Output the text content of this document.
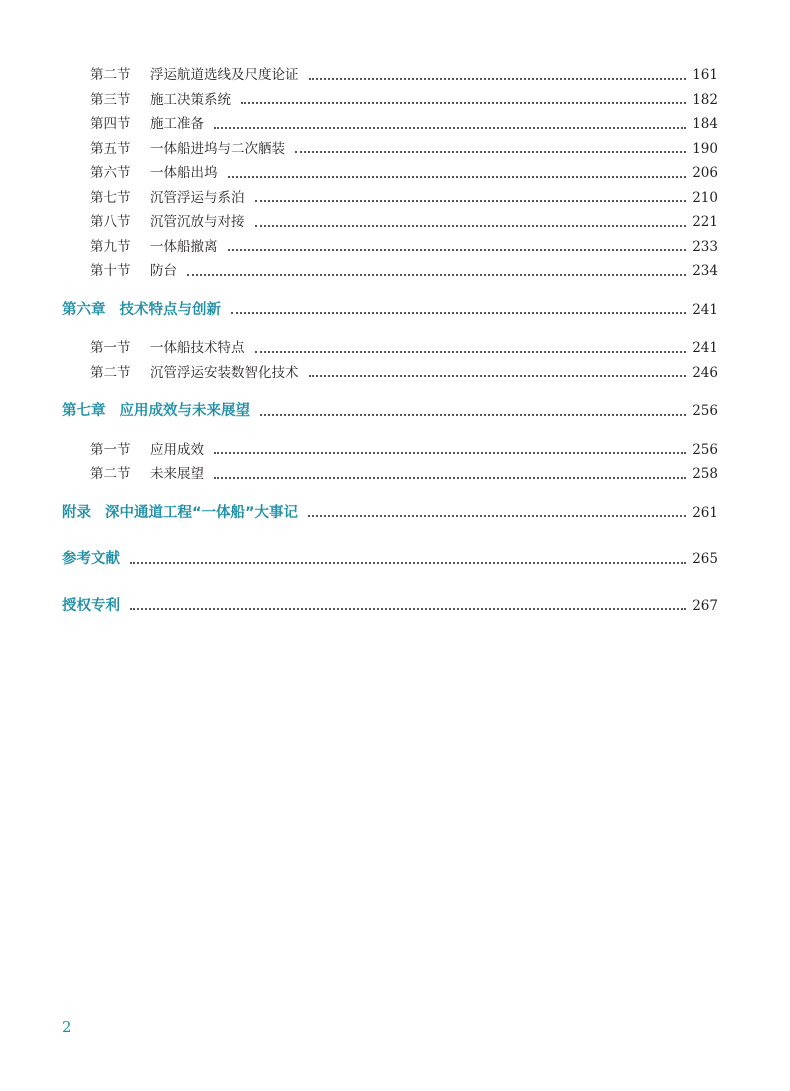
第二节 浮运航道选线及尺度论证	161
第三节 施工决策系统	182
第四节 施工准备	184
第五节 一体船进坞与二次舾装	190
第六节 一体船出坞	206
第七节 沉管浮运与系泊	210
第八节 沉管沉放与对接	221
第九节 一体船撤离	233
第十节 防台	234
第六章 技术特点与创新	241
第一节 一体船技术特点	241
第二节 沉管浮运安装数智化技术	246
第七章 应用成效与未来展望	256
第一节 应用成效	256
第二节 未来展望	258
附录 深中通道工程“一体船”大事记	261
参考文献	265
授权专利	267
2
